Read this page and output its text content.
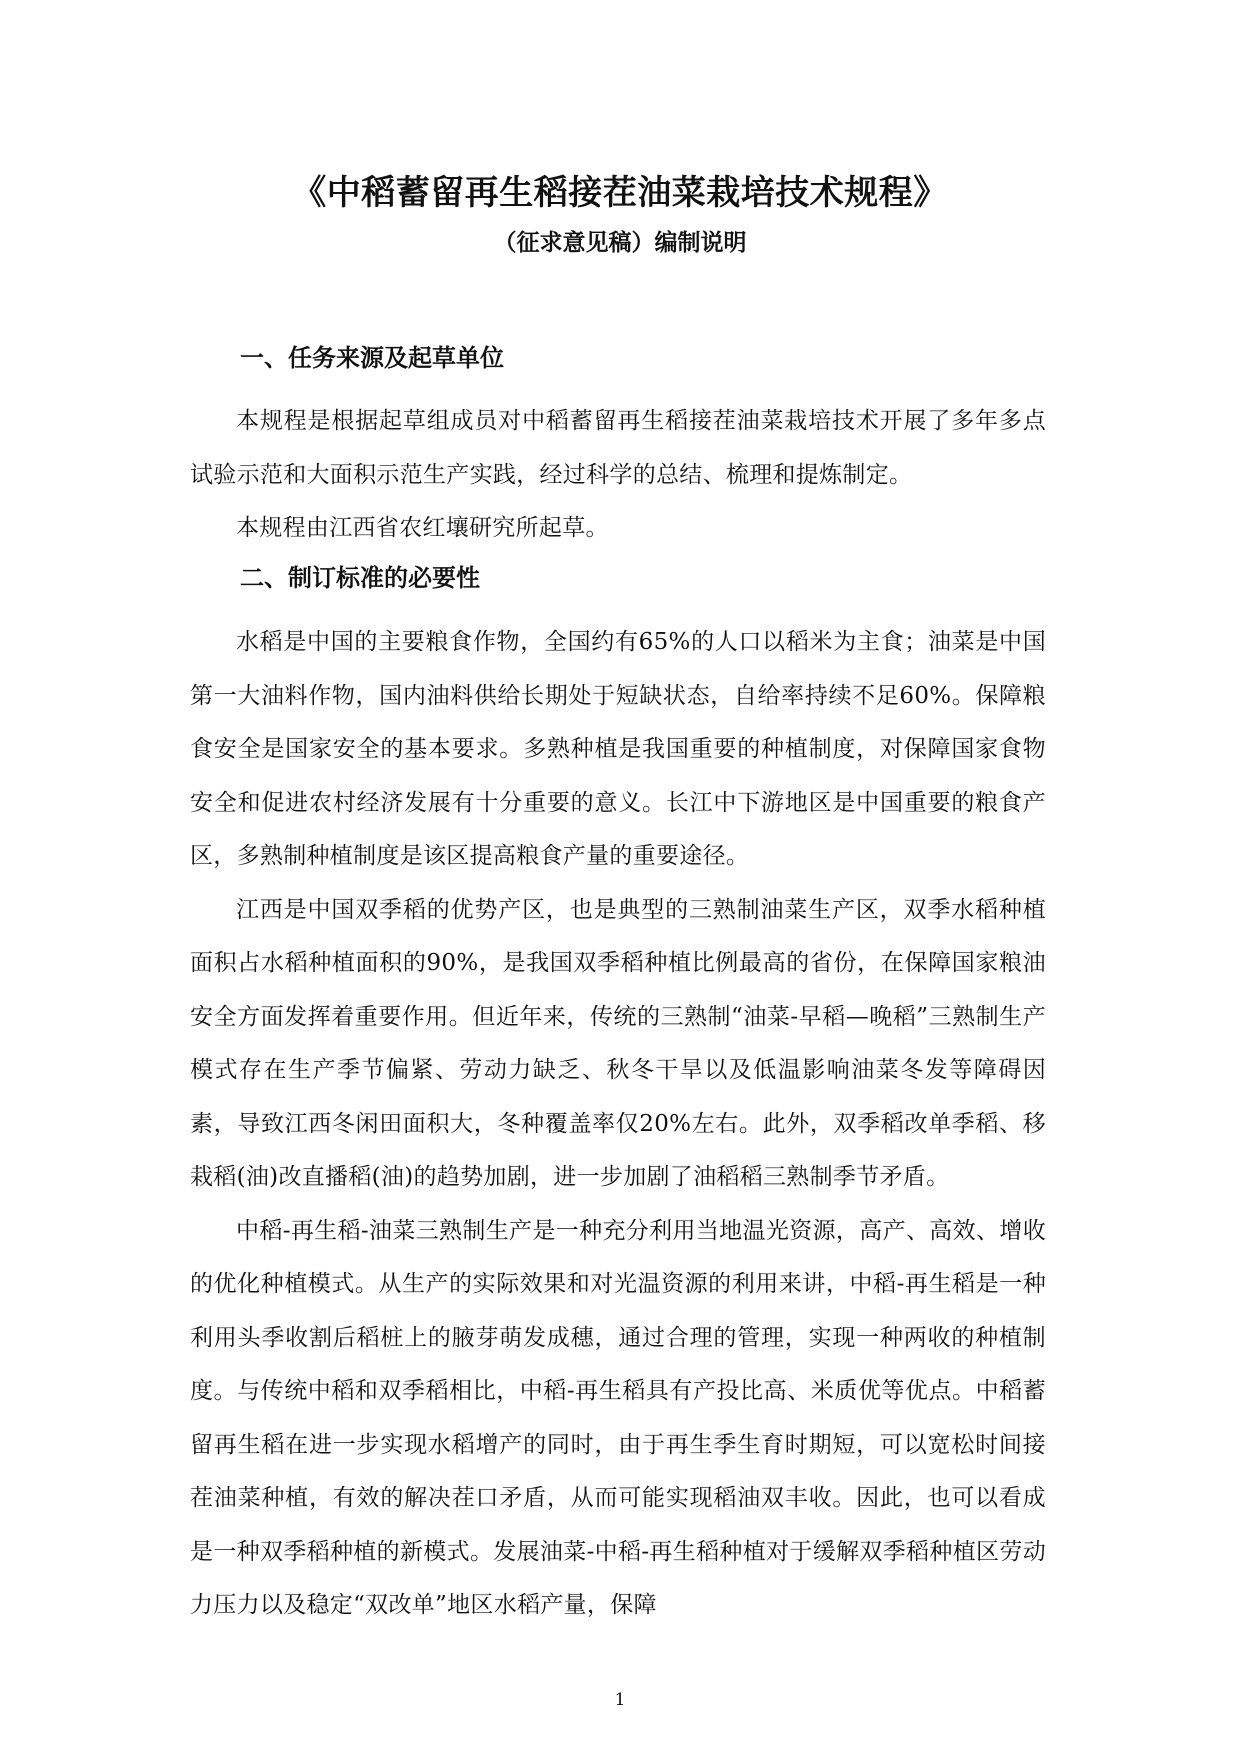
《中稻蓄留再生稻接茬油菜栽培技术规程》
（征求意见稿）编制说明
一、任务来源及起草单位

本规程是根据起草组成员对中稻蓄留再生稻接茬油菜栽培技术开展了多年多点试验示范和大面积示范生产实践，经过科学的总结、梳理和提炼制定。

本规程由江西省农红壤研究所起草。

二、制订标准的必要性

水稻是中国的主要粮食作物，全国约有65%的人口以稻米为主食；油菜是中国第一大油料作物，国内油料供给长期处于短缺状态，自给率持续不足60%。保障粮食安全是国家安全的基本要求。多熟种植是我国重要的种植制度，对保障国家食物安全和促进农村经济发展有十分重要的意义。长江中下游地区是中国重要的粮食产区，多熟制种植制度是该区提高粮食产量的重要途径。

江西是中国双季稻的优势产区，也是典型的三熟制油菜生产区，双季水稻种植面积占水稻种植面积的90%，是我国双季稻种植比例最高的省份，在保障国家粮油安全方面发挥着重要作用。但近年来，传统的三熟制“油菜-早稻—晚稻”三熟制生产模式存在生产季节偏紧、劳动力缺乏、秋冬干旱以及低温影响油菜冬发等障碍因素，导致江西冬闲田面积大，冬种覆盖率仅20%左右。此外，双季稻改单季稻、移栽稻(油)改直播稻(油)的趋势加剧，进一步加剧了油稻稻三熟制季节矛盾。

中稻-再生稻-油菜三熟制生产是一种充分利用当地温光资源，高产、高效、增收的优化种植模式。从生产的实际效果和对光温资源的利用来讲，中稻-再生稻是一种利用头季收割后稻桩上的腋芽萌发成穗，通过合理的管理，实现一种两收的种植制度。与传统中稻和双季稻相比，中稻-再生稻具有产投比高、米质优等优点。中稻蓄留再生稻在进一步实现水稻增产的同时，由于再生季生育时期短，可以宽松时间接茬油菜种植，有效的解决茬口矛盾，从而可能实现稻油双丰收。因此，也可以看成是一种双季稻种植的新模式。发展油菜-中稻-再生稻种植对于缓解双季稻种植区劳动力压力以及稳定“双改单”地区水稻产量，保障

1
